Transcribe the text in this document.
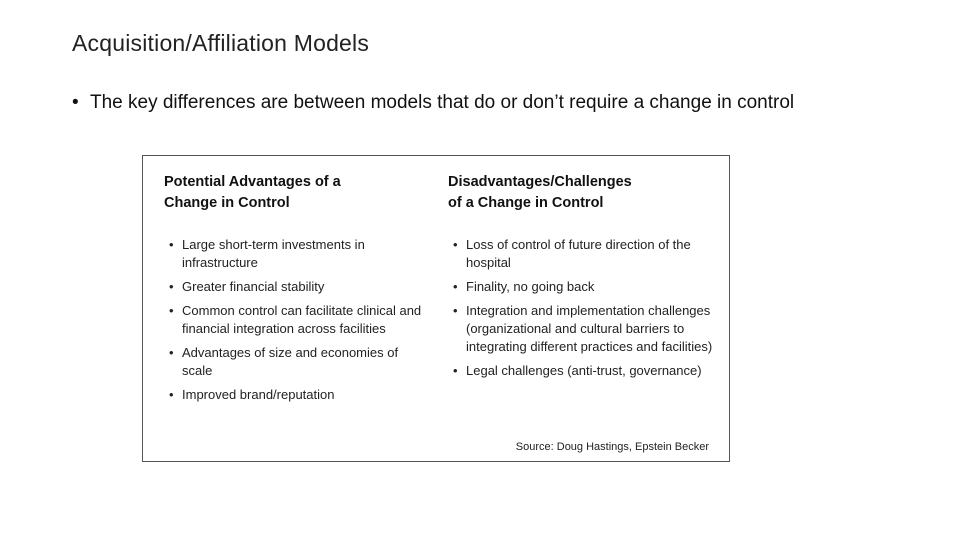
Acquisition/Affiliation Models
• The key differences are between models that do or don’t require a change in control
Potential Advantages of a Change in Control
• Large short-term investments in infrastructure
• Greater financial stability
• Common control can facilitate clinical and financial integration across facilities
• Advantages of size and economies of scale
• Improved brand/reputation
Disadvantages/Challenges of a Change in Control
• Loss of control of future direction of the hospital
• Finality, no going back
• Integration and implementation challenges (organizational and cultural barriers to integrating different practices and facilities)
• Legal challenges (anti-trust, governance)
Source: Doug Hastings, Epstein Becker
